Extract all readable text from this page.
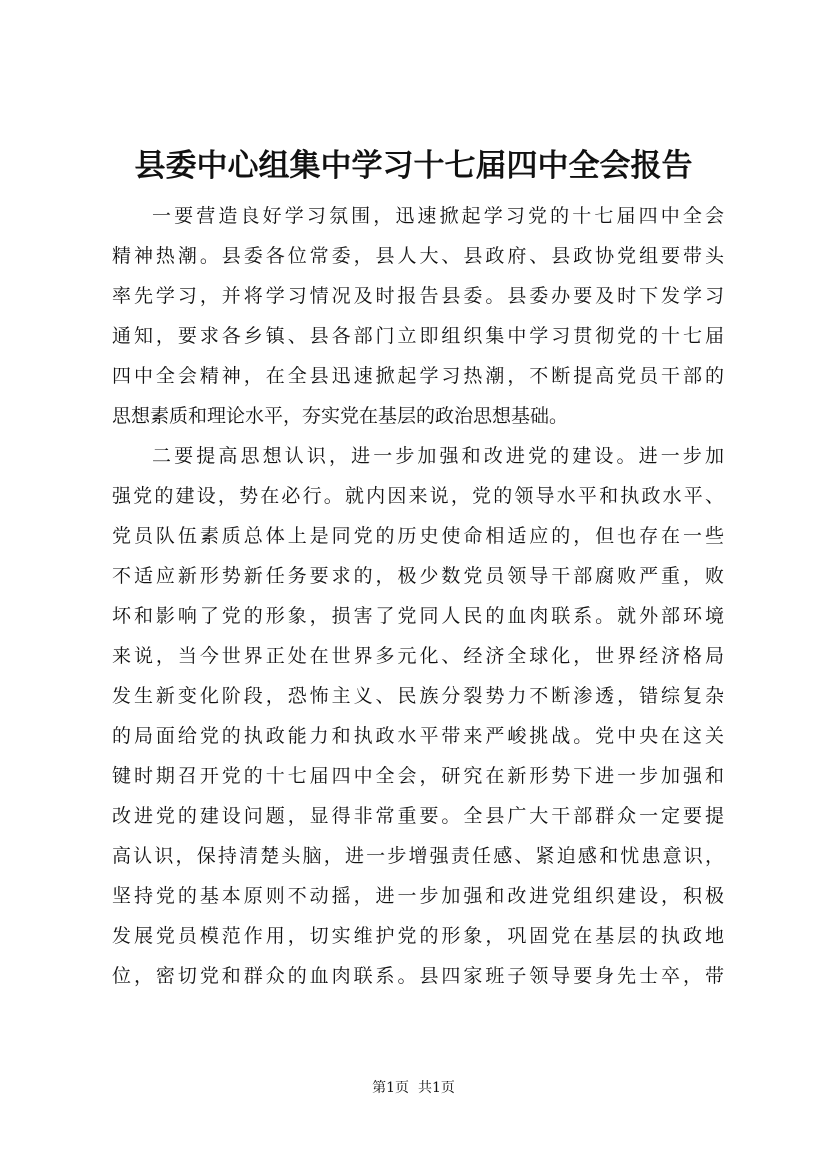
县委中心组集中学习十七届四中全会报告
一要营造良好学习氛围，迅速掀起学习党的十七届四中全会
精神热潮。县委各位常委，县人大、县政府、县政协党组要带头
率先学习，并将学习情况及时报告县委。县委办要及时下发学习
通知，要求各乡镇、县各部门立即组织集中学习贯彻党的十七届
四中全会精神，在全县迅速掀起学习热潮，不断提高党员干部的
思想素质和理论水平，夯实党在基层的政治思想基础。
二要提高思想认识，进一步加强和改进党的建设。进一步加
强党的建设，势在必行。就内因来说，党的领导水平和执政水平、
党员队伍素质总体上是同党的历史使命相适应的，但也存在一些
不适应新形势新任务要求的，极少数党员领导干部腐败严重，败
坏和影响了党的形象，损害了党同人民的血肉联系。就外部环境
来说，当今世界正处在世界多元化、经济全球化，世界经济格局
发生新变化阶段，恐怖主义、民族分裂势力不断渗透，错综复杂
的局面给党的执政能力和执政水平带来严峻挑战。党中央在这关
键时期召开党的十七届四中全会，研究在新形势下进一步加强和
改进党的建设问题，显得非常重要。全县广大干部群众一定要提
高认识，保持清楚头脑，进一步增强责任感、紧迫感和忧患意识，
坚持党的基本原则不动摇，进一步加强和改进党组织建设，积极
发展党员模范作用，切实维护党的形象，巩固党在基层的执政地
位，密切党和群众的血肉联系。县四家班子领导要身先士卒，带
第1页 共1页
